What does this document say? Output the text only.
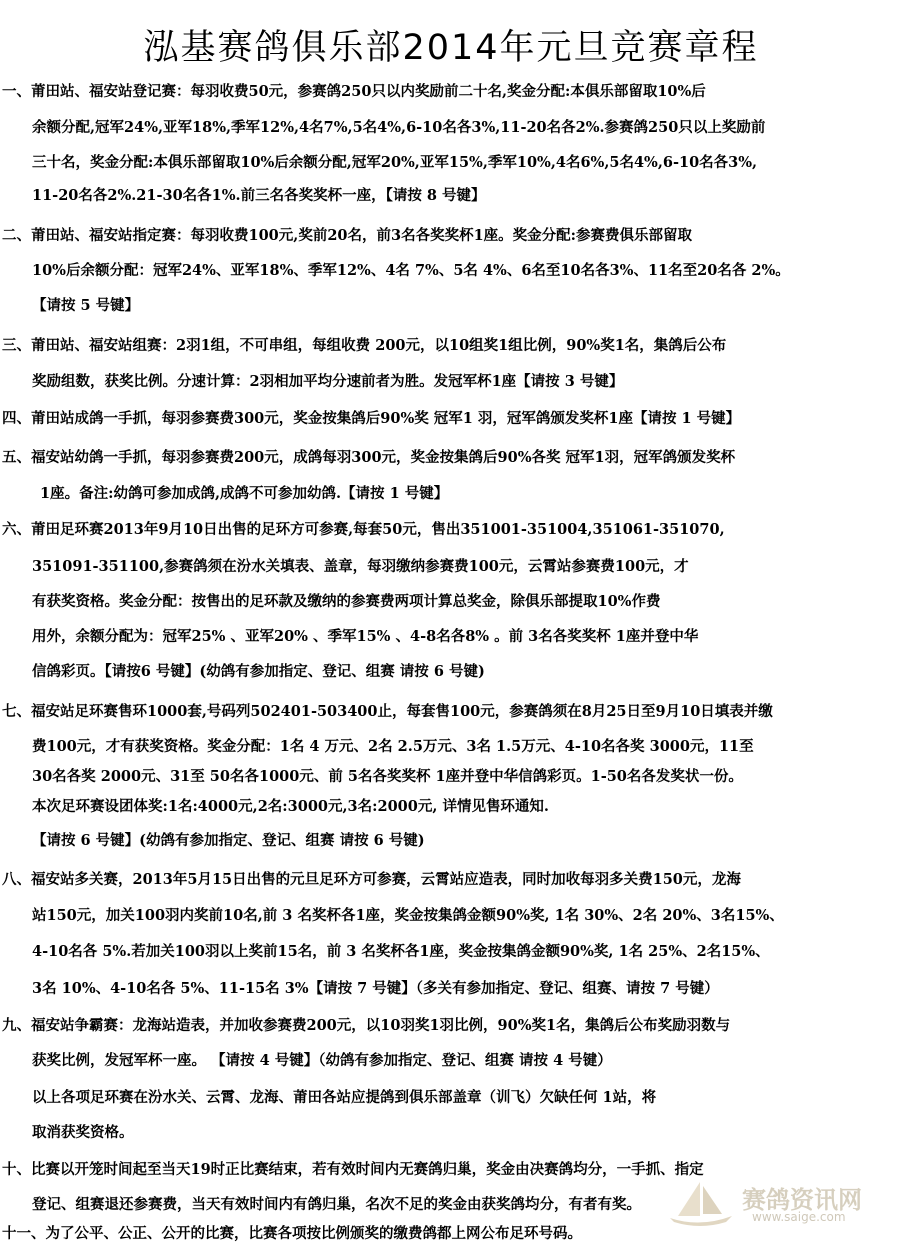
泓基赛鸽俱乐部2014年元旦竞赛章程
一、莆田站、福安站登记赛：每羽收费50元，参赛鸽250只以内奖励前二十名,奖金分配:本俱乐部留取10%后
余额分配,冠军24%,亚军18%,季军12%,4名7%,5名4%,6-10名各3%,11-20名各2%.参赛鸽250只以上奖励前
三十名，奖金分配:本俱乐部留取10%后余额分配,冠军20%,亚军15%,季军10%,4名6%,5名4%,6-10名各3%,
11-20名各2%.21-30名各1%.前三名各奖奖杯一座，【请按 8 号键】
二、莆田站、福安站指定赛：每羽收费100元,奖前20名，前3名各奖奖杯1座。奖金分配:参赛费俱乐部留取
10%后余额分配：冠军24%、亚军18%、季军12%、4名 7%、5名 4%、6名至10名各3%、11名至20名各 2%。
【请按 5 号键】
三、莆田站、福安站组赛：2羽1组，不可串组，每组收费 200元，以10组奖1组比例，90%奖1名，集鸽后公布
奖励组数，获奖比例。分速计算：2羽相加平均分速前者为胜。发冠军杯1座【请按 3 号键】
四、莆田站成鸽一手抓，每羽参赛费300元，奖金按集鸽后90%奖 冠军1 羽，冠军鸽颁发奖杯1座【请按 1 号键】
五、福安站幼鸽一手抓，每羽参赛费200元，成鸽每羽300元，奖金按集鸽后90%各奖 冠军1羽，冠军鸽颁发奖杯
1座。备注:幼鸽可参加成鸽,成鸽不可参加幼鸽.【请按 1 号键】
六、莆田足环赛2013年9月10日出售的足环方可参赛,每套50元，售出351001-351004,351061-351070,
351091-351100,参赛鸽须在汾水关填表、盖章，每羽缴纳参赛费100元，云霄站参赛费100元，才
有获奖资格。奖金分配：按售出的足环款及缴纳的参赛费两项计算总奖金，除俱乐部提取10%作费
用外，余额分配为：冠军25% 、亚军20% 、季军15% 、4-8名各8% 。前 3名各奖奖杯 1座并登中华
信鸽彩页。【请按6 号键】(幼鸽有参加指定、登记、组赛 请按 6 号键)
七、福安站足环赛售环1000套,号码列502401-503400止，每套售100元，参赛鸽须在8月25日至9月10日填表并缴
费100元，才有获奖资格。奖金分配：1名 4 万元、2名 2.5万元、3名 1.5万元、4-10名各奖 3000元，11至
30名各奖 2000元、31至 50名各1000元、前 5名各奖奖杯 1座并登中华信鸽彩页。1-50名各发奖状一份。
本次足环赛设团体奖:1名:4000元,2名:3000元,3名:2000元, 详情见售环通知.
【请按 6 号键】(幼鸽有参加指定、登记、组赛 请按 6 号键)
八、福安站多关赛，2013年5月15日出售的元旦足环方可参赛，云霄站应造表，同时加收每羽多关费150元，龙海
站150元，加关100羽内奖前10名,前 3 名奖杯各1座，奖金按集鸽金额90%奖, 1名 30%、2名 20%、3名15%、
4-10名各 5%.若加关100羽以上奖前15名，前 3 名奖杯各1座，奖金按集鸽金额90%奖, 1名 25%、2名15%、
3名 10%、4-10名各 5%、11-15名 3%【请按 7 号键】（多关有参加指定、登记、组赛、请按 7 号键）
九、福安站争霸赛：龙海站造表，并加收参赛费200元，以10羽奖1羽比例，90%奖1名，集鸽后公布奖励羽数与
获奖比例，发冠军杯一座。 【请按 4 号键】（幼鸽有参加指定、登记、组赛 请按 4 号键）
以上各项足环赛在汾水关、云霄、龙海、莆田各站应提鸽到俱乐部盖章（训飞）欠缺任何 1站，将
取消获奖资格。
十、比赛以开笼时间起至当天19时正比赛结束，若有效时间内无赛鸽归巢，奖金由决赛鸽均分，一手抓、指定
登记、组赛退还参赛费，当天有效时间内有鸽归巢，名次不足的奖金由获奖鸽均分，有者有奖。
十一、为了公平、公正、公开的比赛，比赛各项按比例颁奖的缴费鸽都上网公布足环号码。
赛鸽资讯网
www.saige.com
